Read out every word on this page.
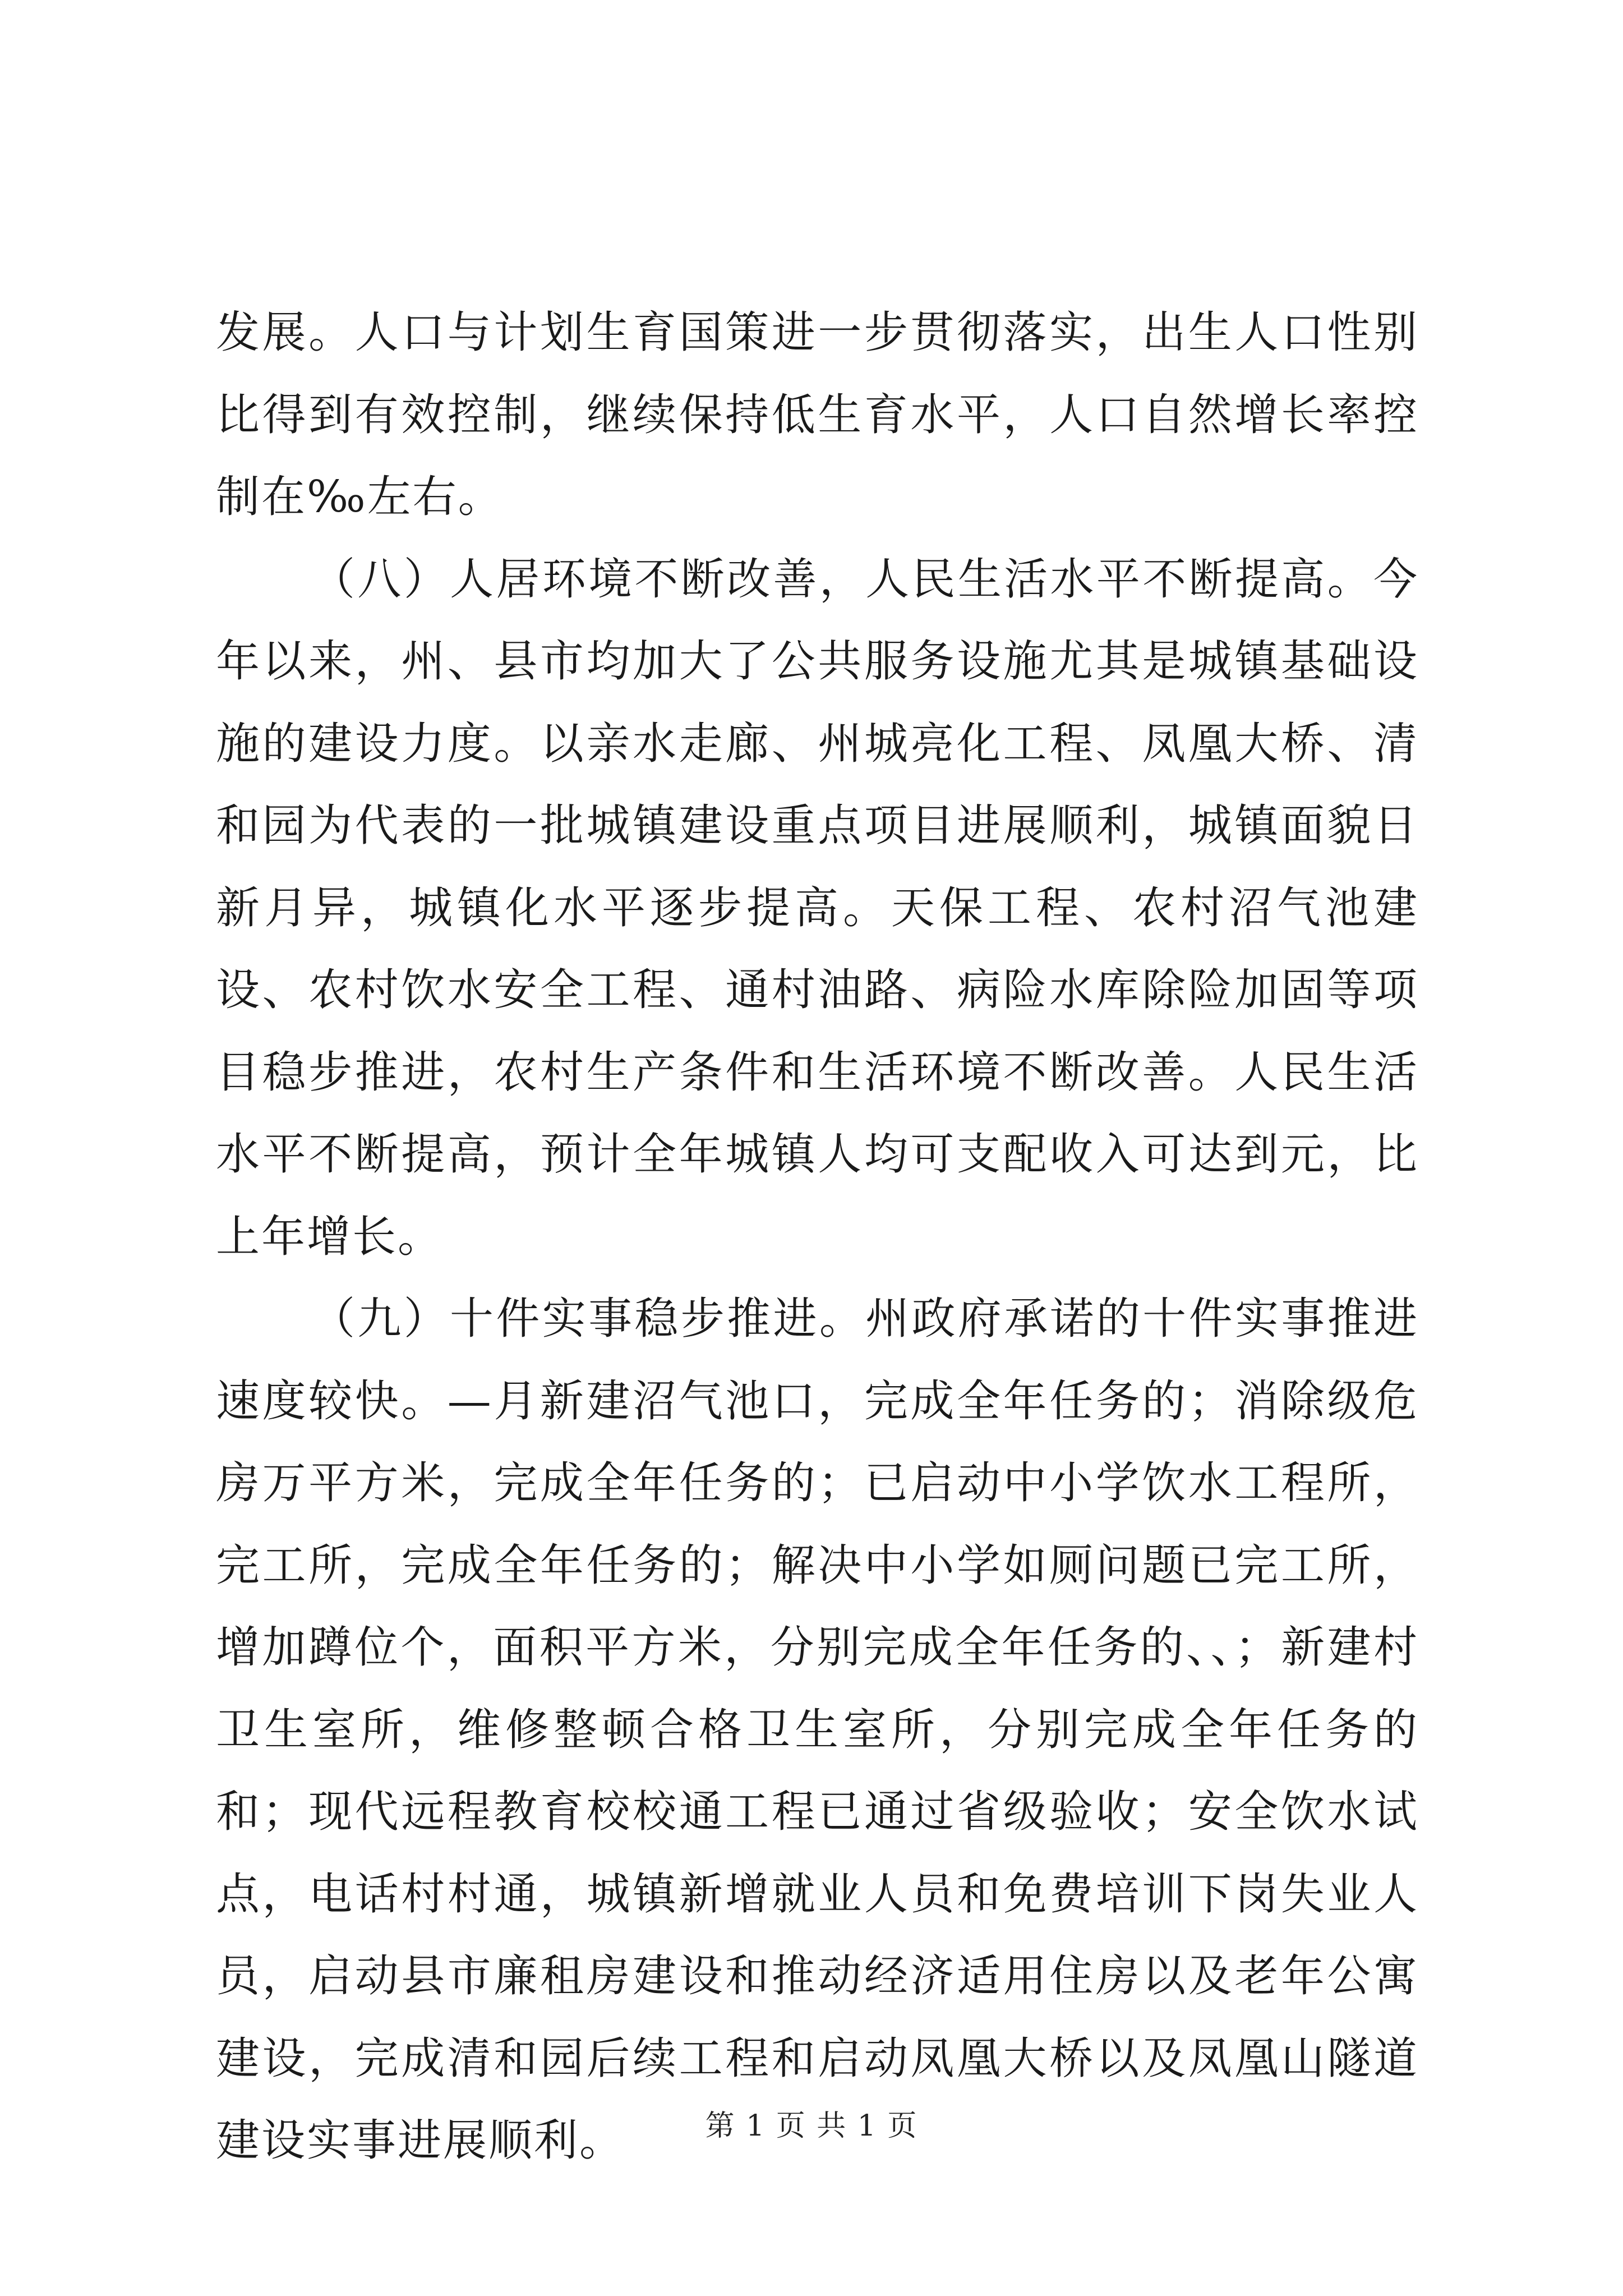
发展。人口与计划生育国策进一步贯彻落实，出生人口性别比得到有效控制，继续保持低生育水平，人口自然增长率控制在‰左右。

（八）人居环境不断改善，人民生活水平不断提高。今年以来，州、县市均加大了公共服务设施尤其是城镇基础设施的建设力度。以亲水走廊、州城亮化工程、凤凰大桥、清和园为代表的一批城镇建设重点项目进展顺利，城镇面貌日新月异，城镇化水平逐步提高。天保工程、农村沼气池建设、农村饮水安全工程、通村油路、病险水库除险加固等项目稳步推进，农村生产条件和生活环境不断改善。人民生活水平不断提高，预计全年城镇人均可支配收入可达到元，比上年增长。

（九）十件实事稳步推进。州政府承诺的十件实事推进速度较快。—月新建沼气池口，完成全年任务的；消除级危房万平方米，完成全年任务的；已启动中小学饮水工程所，完工所，完成全年任务的；解决中小学如厕问题已完工所，增加蹲位个，面积平方米，分别完成全年任务的、、；新建村卫生室所，维修整顿合格卫生室所，分别完成全年任务的和；现代远程教育校校通工程已通过省级验收；安全饮水试点，电话村村通，城镇新增就业人员和免费培训下岗失业人员，启动县市廉租房建设和推动经济适用住房以及老年公寓建设，完成清和园后续工程和启动凤凰大桥以及凤凰山隧道建设实事进展顺利。	第 1 页 共 1 页
